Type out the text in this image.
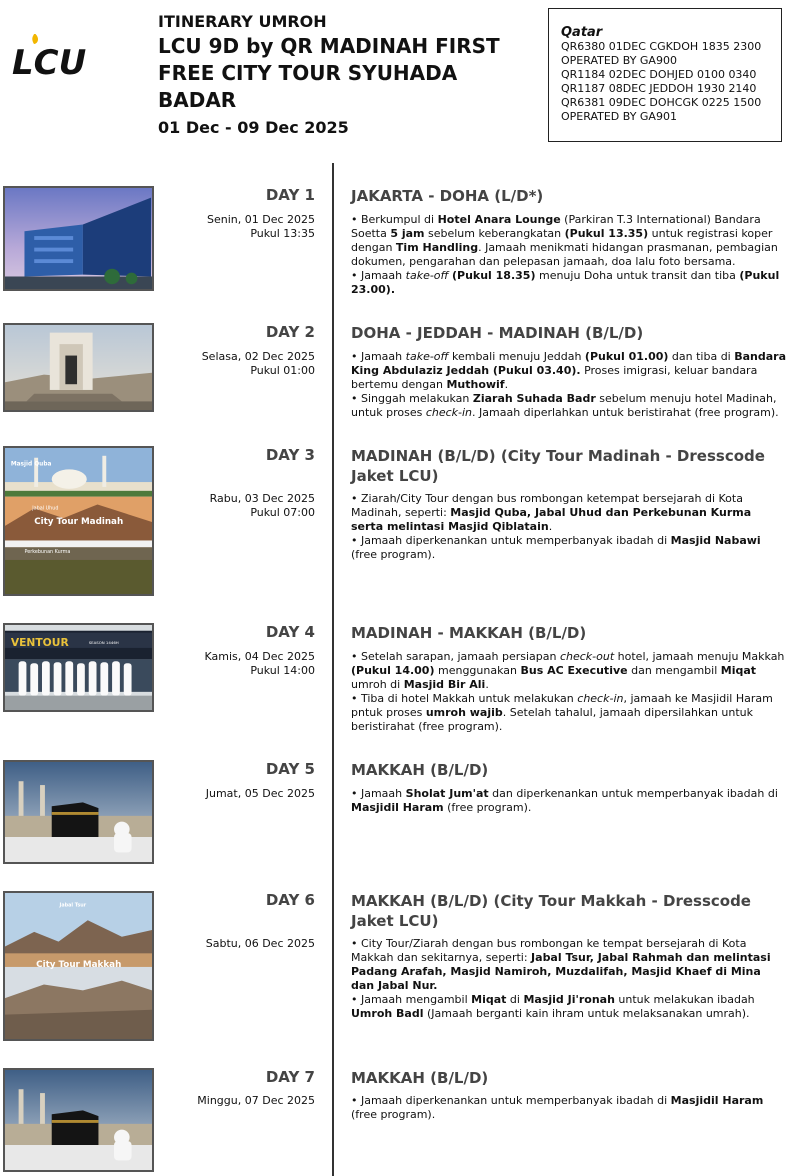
LCU
ITINERARY UMROH
LCU 9D by QR MADINAH FIRST
FREE CITY TOUR SYUHADA
BADAR
01 Dec - 09 Dec 2025
Qatar
QR6380 01DEC CGKDOH 1835 2300
OPERATED BY GA900
QR1184 02DEC DOHJED 0100 0340
QR1187 08DEC JEDDOH 1930 2140
QR6381 09DEC DOHCGK 0225 1500
OPERATED BY GA901
DAY 1
Senin, 01 Dec 2025
Pukul 13:35
JAKARTA - DOHA (L/D*)

• Berkumpul di Hotel Anara Lounge (Parkiran T.3 International) Bandara Soetta 5 jam sebelum keberangkatan (Pukul 13.35) untuk registrasi koper dengan Tim Handling. Jamaah menikmati hidangan prasmanan, pembagian dokumen, pengarahan dan pelepasan jamaah, doa lalu foto bersama.

• Jamaah take-off (Pukul 18.35) menuju Doha untuk transit dan tiba (Pukul 23.00).

DAY 2
Selasa, 02 Dec 2025
Pukul 01:00
DOHA - JEDDAH - MADINAH (B/L/D)

• Jamaah take-off kembali menuju Jeddah (Pukul 01.00) dan tiba di Bandara King Abdulaziz Jeddah (Pukul 03.40). Proses imigrasi, keluar bandara bertemu dengan Muthowif.

• Singgah melakukan Ziarah Suhada Badr sebelum menuju hotel Madinah, untuk proses check-in. Jamaah diperlahkan untuk beristirahat (free program).

Masjid Quba
Jabal Uhud
City Tour Madinah
Perkebunan Kurma
DAY 3
Rabu, 03 Dec 2025
Pukul 07:00
MADINAH (B/L/D) (City Tour Madinah - Dresscode Jaket LCU)

• Ziarah/City Tour dengan bus rombongan ketempat bersejarah di Kota Madinah, seperti: Masjid Quba, Jabal Uhud dan Perkebunan Kurma serta melintasi Masjid Qiblatain.

• Jamaah diperkenankan untuk memperbanyak ibadah di Masjid Nabawi (free program).

VENTOUR	SEASON 1446H
DAY 4
Kamis, 04 Dec 2025
Pukul 14:00
MADINAH - MAKKAH (B/L/D)

• Setelah sarapan, jamaah persiapan check-out hotel, jamaah menuju Makkah (Pukul 14.00) menggunakan Bus AC Executive dan mengambil Miqat umroh di Masjid Bir Ali.

• Tiba di hotel Makkah untuk melakukan check-in, jamaah ke Masjidil Haram pntuk proses umroh wajib. Setelah tahalul, jamaah dipersilahkan untuk beristirahat (free program).

DAY 5
Jumat, 05 Dec 2025
MAKKAH (B/L/D)

• Jamaah Sholat Jum'at dan diperkenankan untuk memperbanyak ibadah di Masjidil Haram (free program).

Jabal Tsur
City Tour Makkah
DAY 6
Sabtu, 06 Dec 2025
MAKKAH (B/L/D) (City Tour Makkah - Dresscode Jaket LCU)

• City Tour/Ziarah dengan bus rombongan ke tempat bersejarah di Kota Makkah dan sekitarnya, seperti: Jabal Tsur, Jabal Rahmah dan melintasi Padang Arafah, Masjid Namiroh, Muzdalifah, Masjid Khaef di Mina dan Jabal Nur.

• Jamaah mengambil Miqat di Masjid Ji'ronah untuk melakukan ibadah Umroh Badl (Jamaah berganti kain ihram untuk melaksanakan umrah).

DAY 7
Minggu, 07 Dec 2025
MAKKAH (B/L/D)

• Jamaah diperkenankan untuk memperbanyak ibadah di Masjidil Haram (free program).
